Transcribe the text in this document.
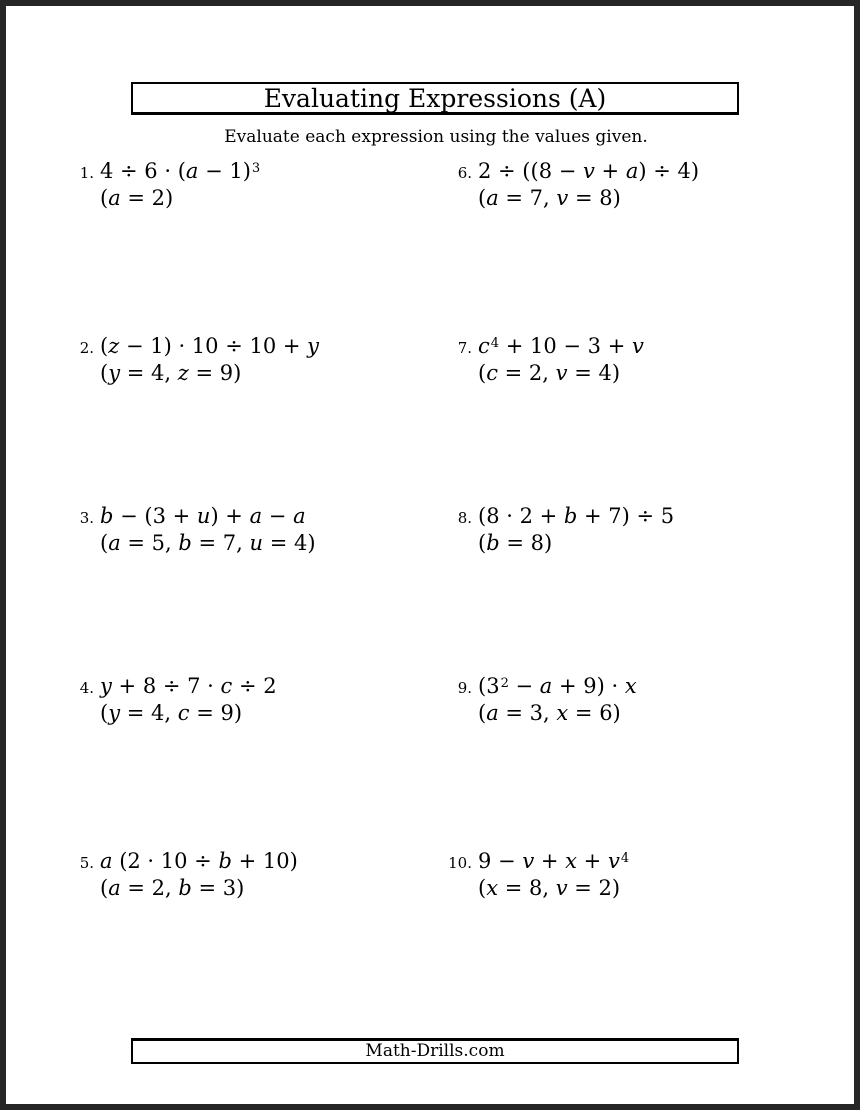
Evaluating Expressions (A)
Evaluate each expression using the values given.
1. $4 \div 6 \cdot (a - 1)^3$
(a = 2)
2. (z − 1) · 10 ÷ 10 + y
(y = 4, z = 9)
3. b − (3 + u) + a − a
(a = 5, b = 7, u = 4)
4. y + 8 ÷ 7 · c ÷ 2
(y = 4, c = 9)
5. a (2 · 10 ÷ b + 10)
(a = 2, b = 3)
6. 2 ÷ ((8 − v + a) ÷ 4)
(a = 7, v = 8)
7. $c^4 + 10 - 3 + v$
(c = 2, v = 4)
8. (8 · 2 + b + 7) ÷ 5
(b = 8)
9. $(3^2 - a + 9) \cdot x$
(a = 3, x = 6)
10. $9 - v + x + v^4$
(x = 8, v = 2)
Math-Drills.com
